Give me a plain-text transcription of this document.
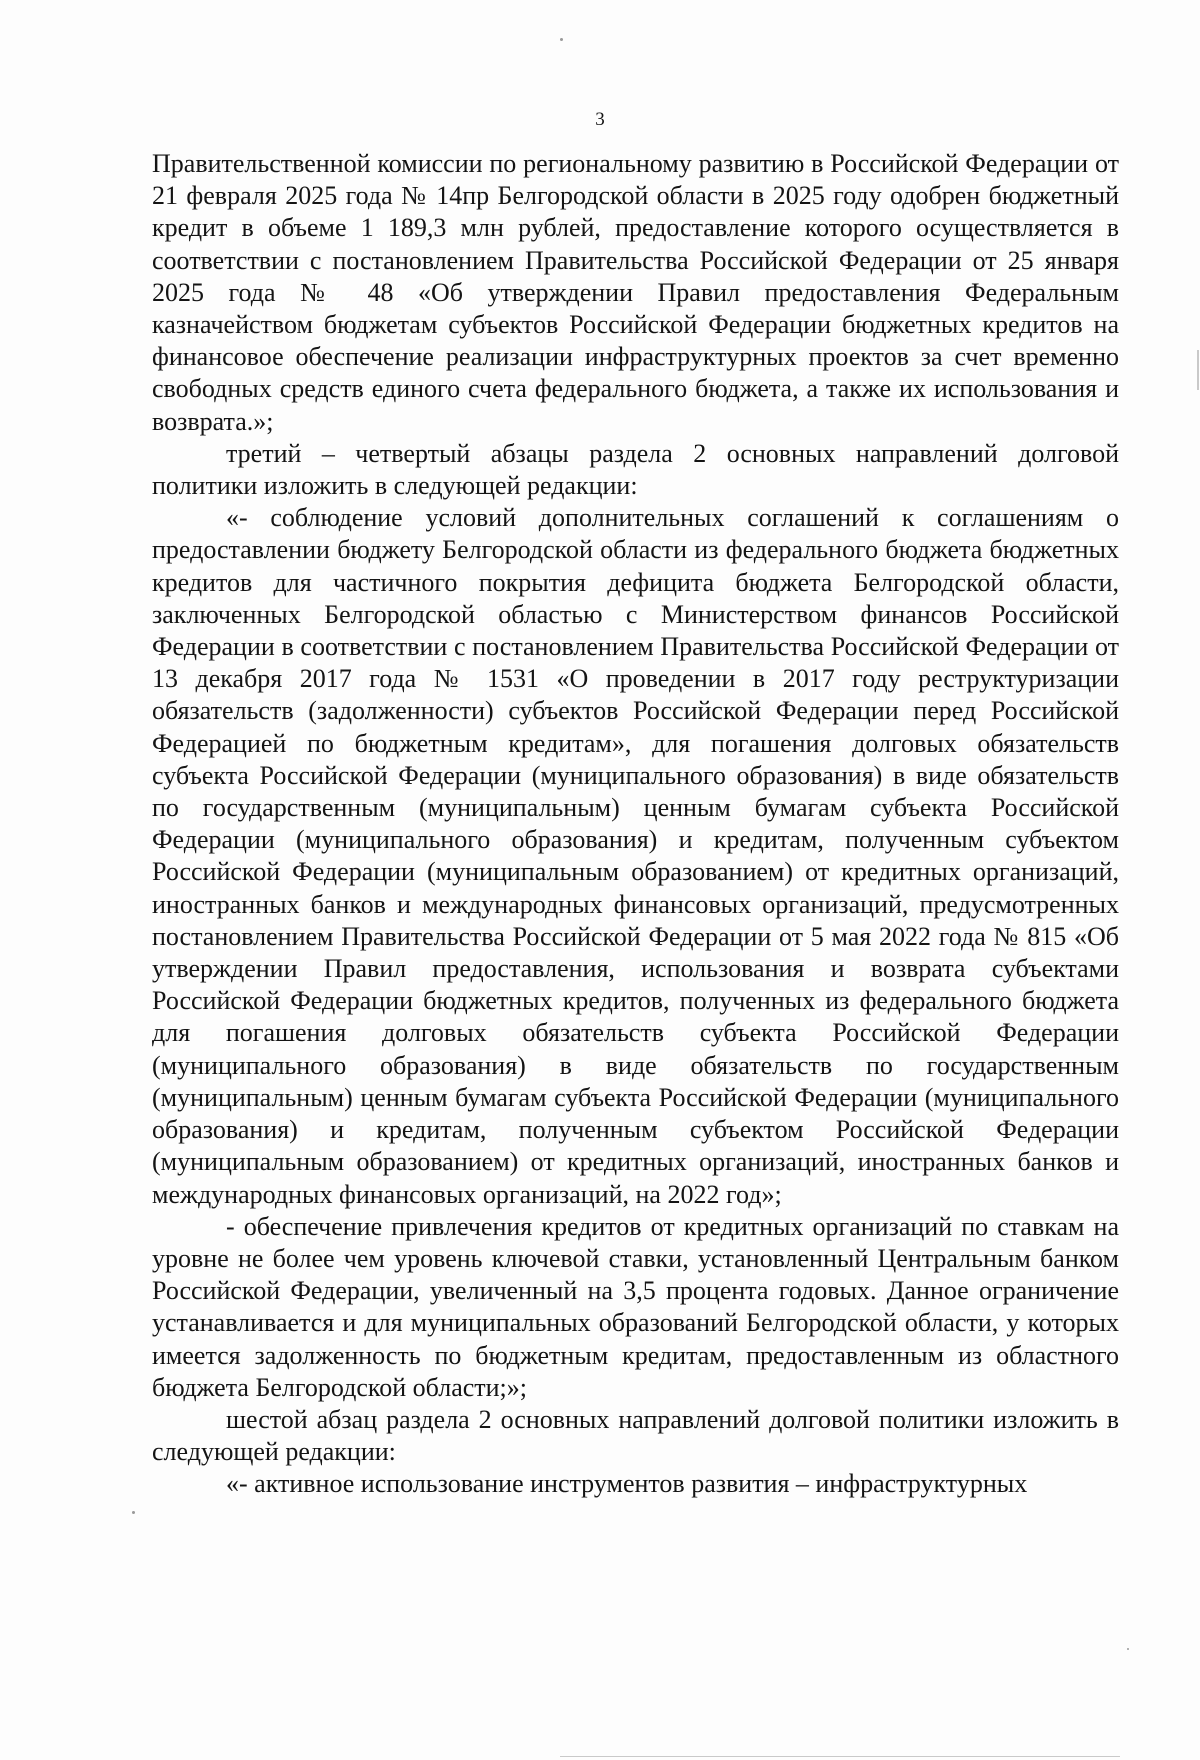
3

Правительственной комиссии по региональному развитию в Российской Федерации от 21 февраля 2025 года № 14пр Белгородской области в 2025 году одобрен бюджетный кредит в объеме 1 189,3 млн рублей, предоставление которого осуществляется в соответствии с постановлением Правительства Российской Федерации от 25 января 2025 года № 48 «Об утверждении Правил предоставления Федеральным казначейством бюджетам субъектов Российской Федерации бюджетных кредитов на финансовое обеспечение реализации инфраструктурных проектов за счет временно свободных средств единого счета федерального бюджета, а также их использования и возврата.»;

третий – четвертый абзацы раздела 2 основных направлений долговой политики изложить в следующей редакции:

«- соблюдение условий дополнительных соглашений к соглашениям о предоставлении бюджету Белгородской области из федерального бюджета бюджетных кредитов для частичного покрытия дефицита бюджета Белгородской области, заключенных Белгородской областью с Министерством финансов Российской Федерации в соответствии с постановлением Правительства Российской Федерации от 13 декабря 2017 года № 1531 «О проведении в 2017 году реструктуризации обязательств (задолженности) субъектов Российской Федерации перед Российской Федерацией по бюджетным кредитам», для погашения долговых обязательств субъекта Российской Федерации (муниципального образования) в виде обязательств по государственным (муниципальным) ценным бумагам субъекта Российской Федерации (муниципального образования) и кредитам, полученным субъектом Российской Федерации (муниципальным образованием) от кредитных организаций, иностранных банков и международных финансовых организаций, предусмотренных постановлением Правительства Российской Федерации от 5 мая 2022 года № 815 «Об утверждении Правил предоставления, использования и возврата субъектами Российской Федерации бюджетных кредитов, полученных из федерального бюджета для погашения долговых обязательств субъекта Российской Федерации (муниципального образования) в виде обязательств по государственным (муниципальным) ценным бумагам субъекта Российской Федерации (муниципального образования) и кредитам, полученным субъектом Российской Федерации (муниципальным образованием) от кредитных организаций, иностранных банков и международных финансовых организаций, на 2022 год»;

- обеспечение привлечения кредитов от кредитных организаций по ставкам на уровне не более чем уровень ключевой ставки, установленный Центральным банком Российской Федерации, увеличенный на 3,5 процента годовых. Данное ограничение устанавливается и для муниципальных образований Белгородской области, у которых имеется задолженность по бюджетным кредитам, предоставленным из областного бюджета Белгородской области;»;

шестой абзац раздела 2 основных направлений долговой политики изложить в следующей редакции:

«- активное использование инструментов развития – инфраструктурных
